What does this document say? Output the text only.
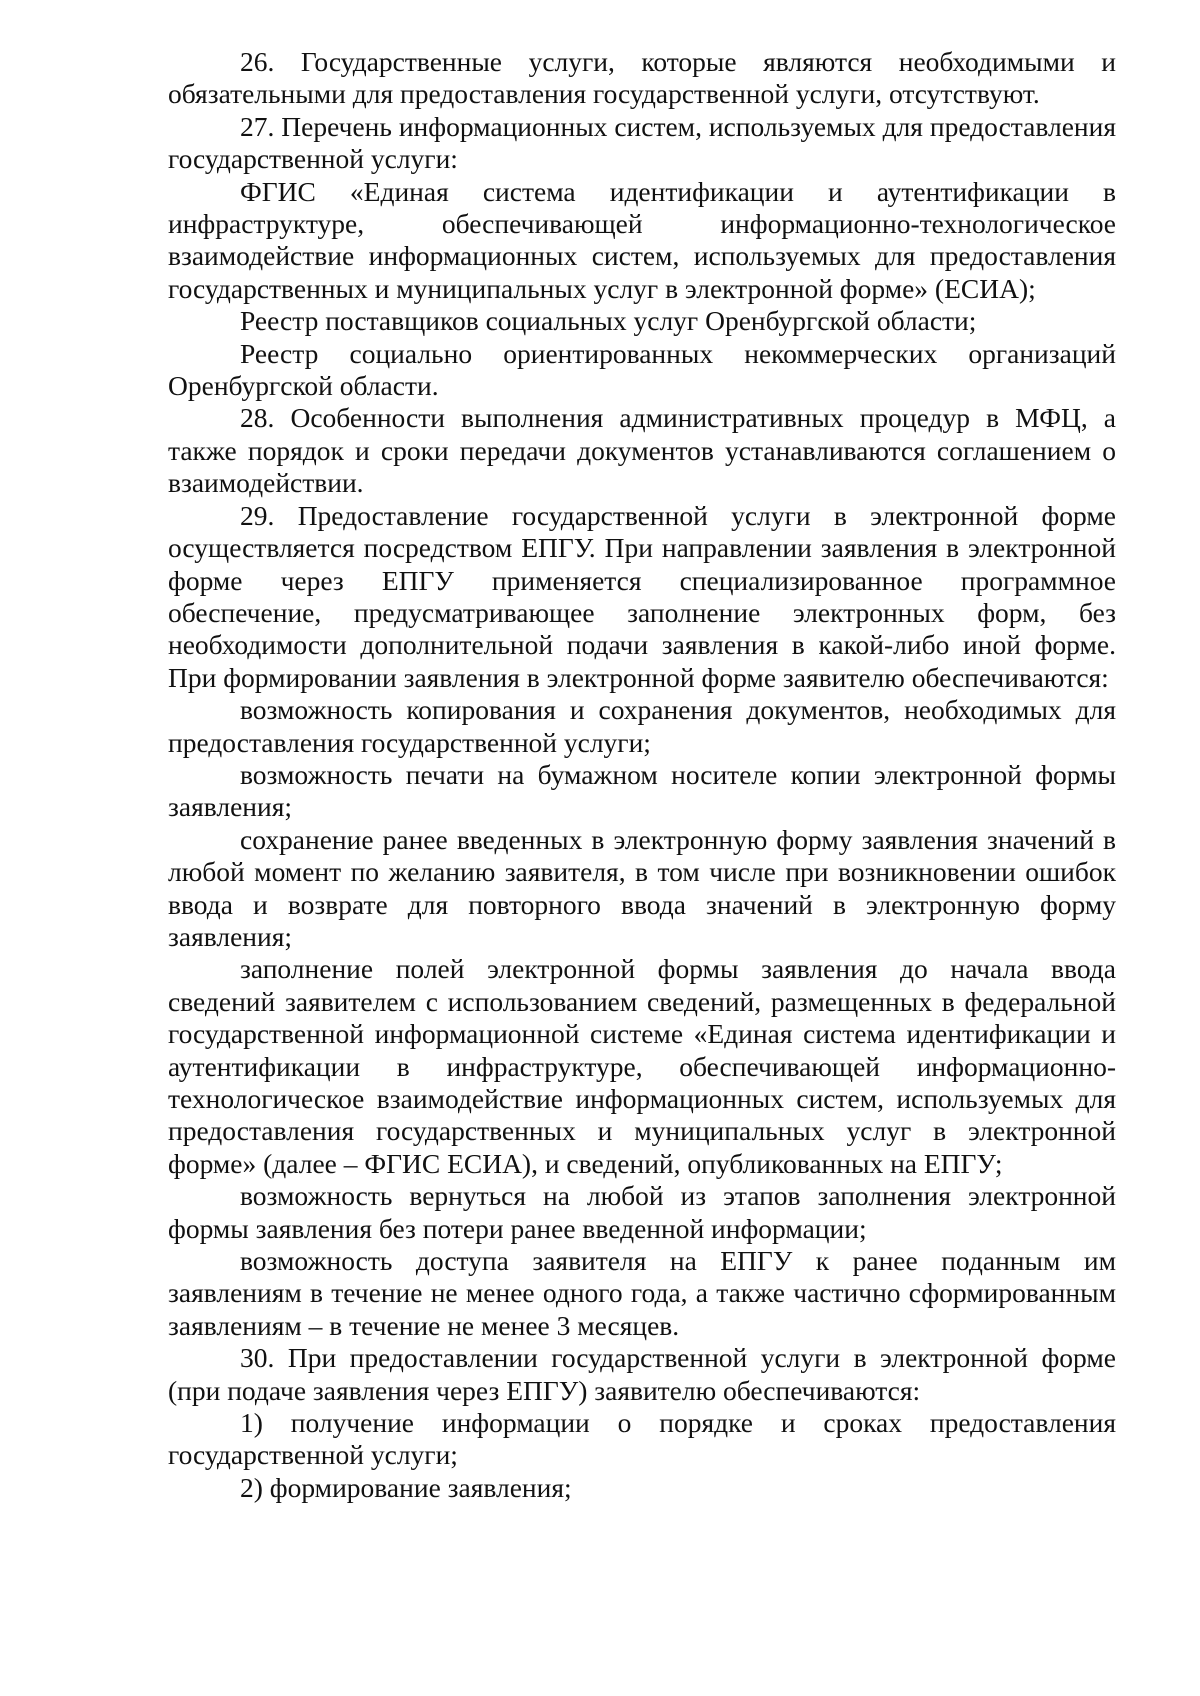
26. Государственные услуги, которые являются необходимыми и обязательными для предоставления государственной услуги, отсутствуют.

27. Перечень информационных систем, используемых для предоставления государственной услуги:

ФГИС «Единая система идентификации и аутентификации в инфраструктуре, обеспечивающей информационно-технологическое взаимодействие информационных систем, используемых для предоставления государственных и муниципальных услуг в электронной форме» (ЕСИА);

Реестр поставщиков социальных услуг Оренбургской области;

Реестр социально ориентированных некоммерческих организаций Оренбургской области.

28. Особенности выполнения административных процедур в МФЦ, а также порядок и сроки передачи документов устанавливаются соглашением о взаимодействии.

29. Предоставление государственной услуги в электронной форме осуществляется посредством ЕПГУ. При направлении заявления в электронной форме через ЕПГУ применяется специализированное программное обеспечение, предусматривающее заполнение электронных форм, без необходимости дополнительной подачи заявления в какой-либо иной форме. При формировании заявления в электронной форме заявителю обеспечиваются:

возможность копирования и сохранения документов, необходимых для предоставления государственной услуги;

возможность печати на бумажном носителе копии электронной формы заявления;

сохранение ранее введенных в электронную форму заявления значений в любой момент по желанию заявителя, в том числе при возникновении ошибок ввода и возврате для повторного ввода значений в электронную форму заявления;

заполнение полей электронной формы заявления до начала ввода сведений заявителем с использованием сведений, размещенных в федеральной государственной информационной системе «Единая система идентификации и аутентификации в инфраструктуре, обеспечивающей информационно-технологическое взаимодействие информационных систем, используемых для предоставления государственных и муниципальных услуг в электронной форме» (далее – ФГИС ЕСИА), и сведений, опубликованных на ЕПГУ;

возможность вернуться на любой из этапов заполнения электронной формы заявления без потери ранее введенной информации;

возможность доступа заявителя на ЕПГУ к ранее поданным им заявлениям в течение не менее одного года, а также частично сформированным заявлениям – в течение не менее 3 месяцев.

30. При предоставлении государственной услуги в электронной форме (при подаче заявления через ЕПГУ) заявителю обеспечиваются:

1) получение информации о порядке и сроках предоставления государственной услуги;

2) формирование заявления;
